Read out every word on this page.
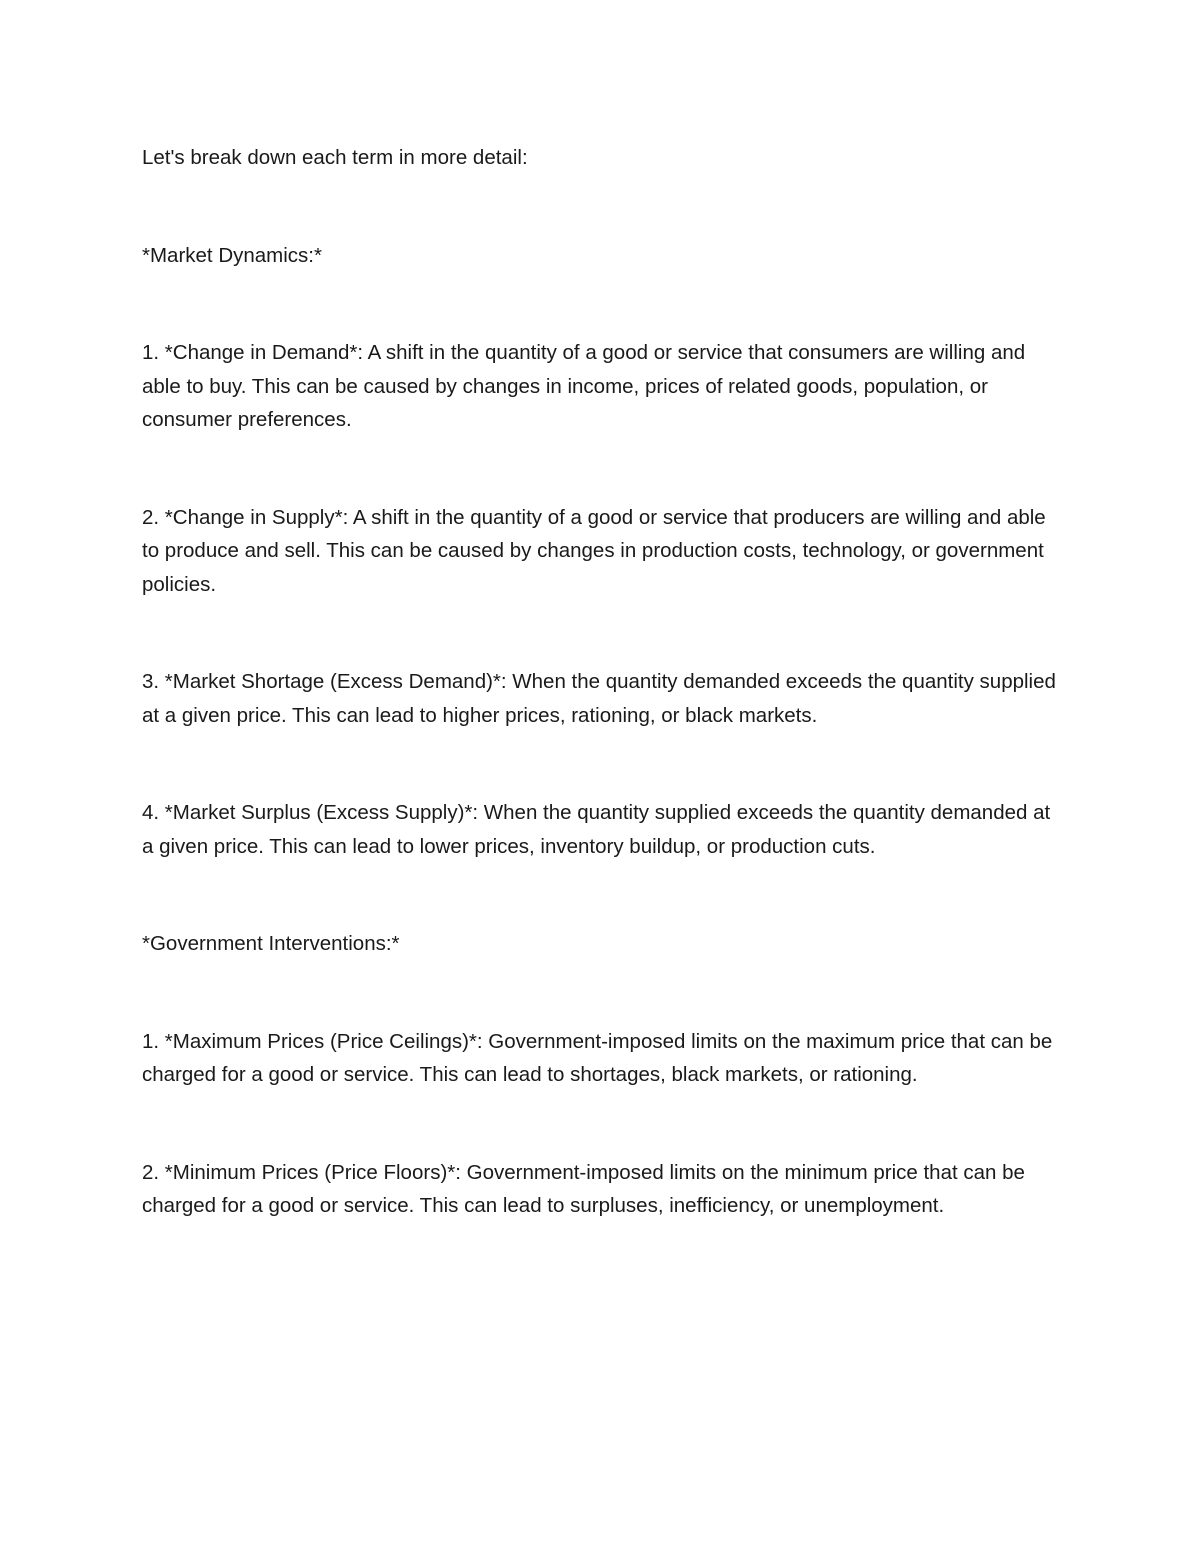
Let's break down each term in more detail:

*Market Dynamics:*

1. *Change in Demand*: A shift in the quantity of a good or service that consumers are willing and able to buy. This can be caused by changes in income, prices of related goods, population, or consumer preferences.

2. *Change in Supply*: A shift in the quantity of a good or service that producers are willing and able to produce and sell. This can be caused by changes in production costs, technology, or government policies.

3. *Market Shortage (Excess Demand)*: When the quantity demanded exceeds the quantity supplied at a given price. This can lead to higher prices, rationing, or black markets.

4. *Market Surplus (Excess Supply)*: When the quantity supplied exceeds the quantity demanded at a given price. This can lead to lower prices, inventory buildup, or production cuts.

*Government Interventions:*

1. *Maximum Prices (Price Ceilings)*: Government-imposed limits on the maximum price that can be charged for a good or service. This can lead to shortages, black markets, or rationing.

2. *Minimum Prices (Price Floors)*: Government-imposed limits on the minimum price that can be charged for a good or service. This can lead to surpluses, inefficiency, or unemployment.
